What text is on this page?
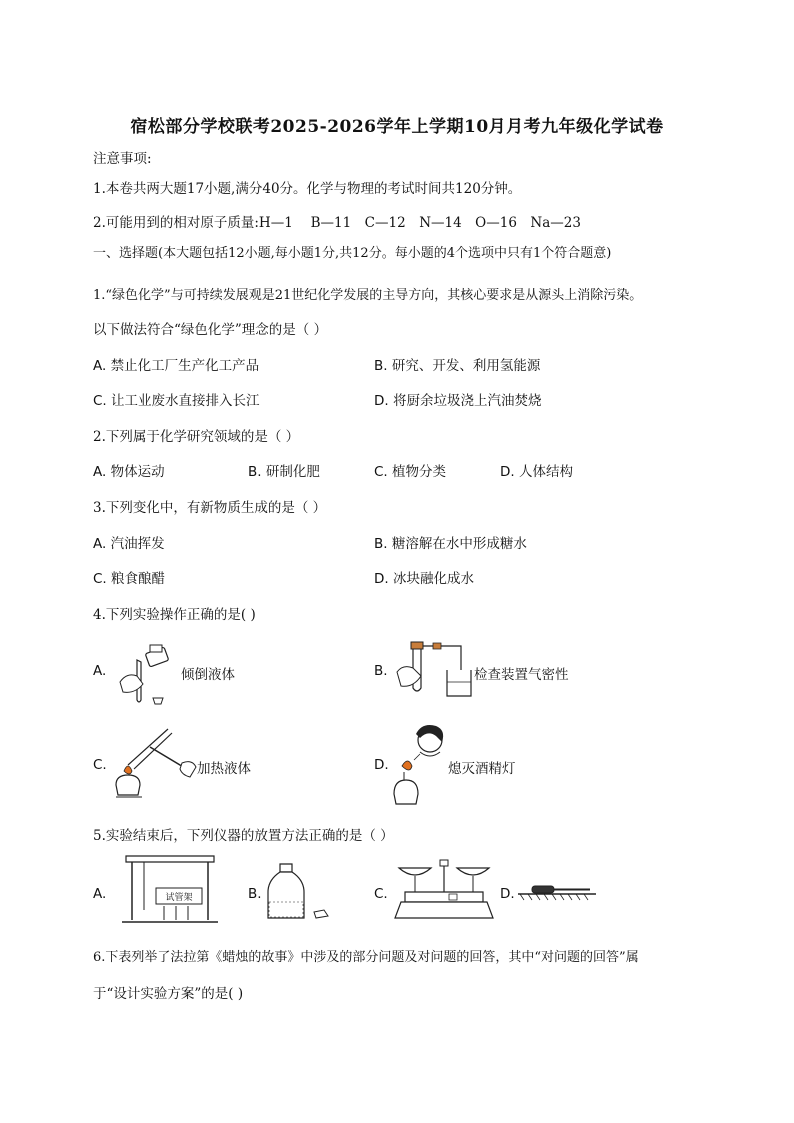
宿松部分学校联考2025-2026学年上学期10月月考九年级化学试卷
注意事项:
1.本卷共两大题17小题,满分40分。化学与物理的考试时间共120分钟。
2.可能用到的相对原子质量:H—1　 B—11　C—12　N—14　O—16　Na—23
一、选择题(本大题包括12小题,每小题1分,共12分。每小题的4个选项中只有1个符合题意)
1.“绿色化学”与可持续发展观是21世纪化学发展的主导方向，其核心要求是从源头上消除污染。
以下做法符合“绿色化学”理念的是（ ）
A. 禁止化工厂生产化工产品	B. 研究、开发、利用氢能源
C. 让工业废水直接排入长江	D. 将厨余垃圾浇上汽油焚烧
2.下列属于化学研究领域的是（ ）
A. 物体运动	B. 研制化肥	C. 植物分类	D. 人体结构
3.下列变化中，有新物质生成的是（ ）
A. 汽油挥发	B. 糖溶解在水中形成糖水
C. 粮食酿醋	D. 冰块融化成水
4.下列实验操作正确的是( )
A.	倾倒液体	B.	检查装置气密性
C.	加热液体	D.	熄灭酒精灯
5.实验结束后，下列仪器的放置方法正确的是（ ）
A.	试管架	B.	C.	D.
6.下表列举了法拉第《蜡烛的故事》中涉及的部分问题及对问题的回答，其中“对问题的回答”属
于“设计实验方案”的是( )
